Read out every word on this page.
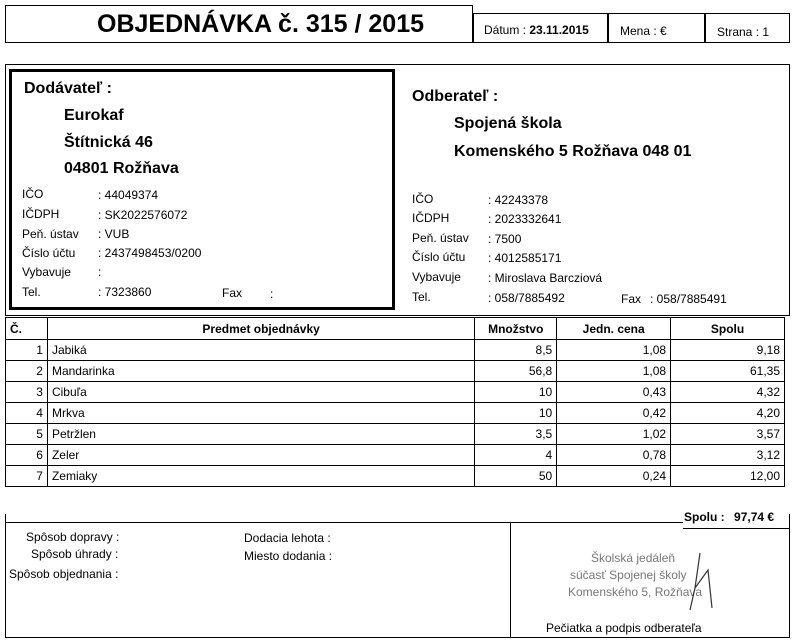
OBJEDNÁVKA č. 315 / 2015	Dátum : 23.11.2015	Mena : €	Strana : 1
Dodávateľ :
Eurokaf
Štítnická 46
04801 Rožňava
IČO	: 44049374
IČDPH	: SK2022576072
Peň. ústav : VUB
Číslo účtu : 2437498453/0200
Vybavuje :
Tel.	: 7323860	Fax :
Odberateľ :
Spojená škola
Komenského 5 Rožňava 048 01
IČO	: 42243378
IČDPH	: 2023332641
Peň. ústav : 7500
Číslo účtu : 4012585171
Vybavuje : Miroslava Barcziová
Tel.	: 058/7885492	Fax : 058/7885491
Č.	Predmet objednávky	Množstvo	Jedn. cena	Spolu
1	Jabiká	8,5	1,08	9,18
2	Mandarinka	56,8	1,08	61,35
3	Cibuľa	10	0,43	4,32
4	Mrkva	10	0,42	4,20
5	Petržlen	3,5	1,02	3,57
6	Zeler	4	0,78	3,12
7	Zemiaky	50	0,24	12,00
Spolu : 97,74 €
Spôsob dopravy :
Spôsob úhrady :
Spôsob objednania :
Dodacia lehota :
Miesto dodania :	Školská jedáleň
súčasť Spojenej školy
Komenského 5, Rožňava
Pečiatka a podpis odberateľa
